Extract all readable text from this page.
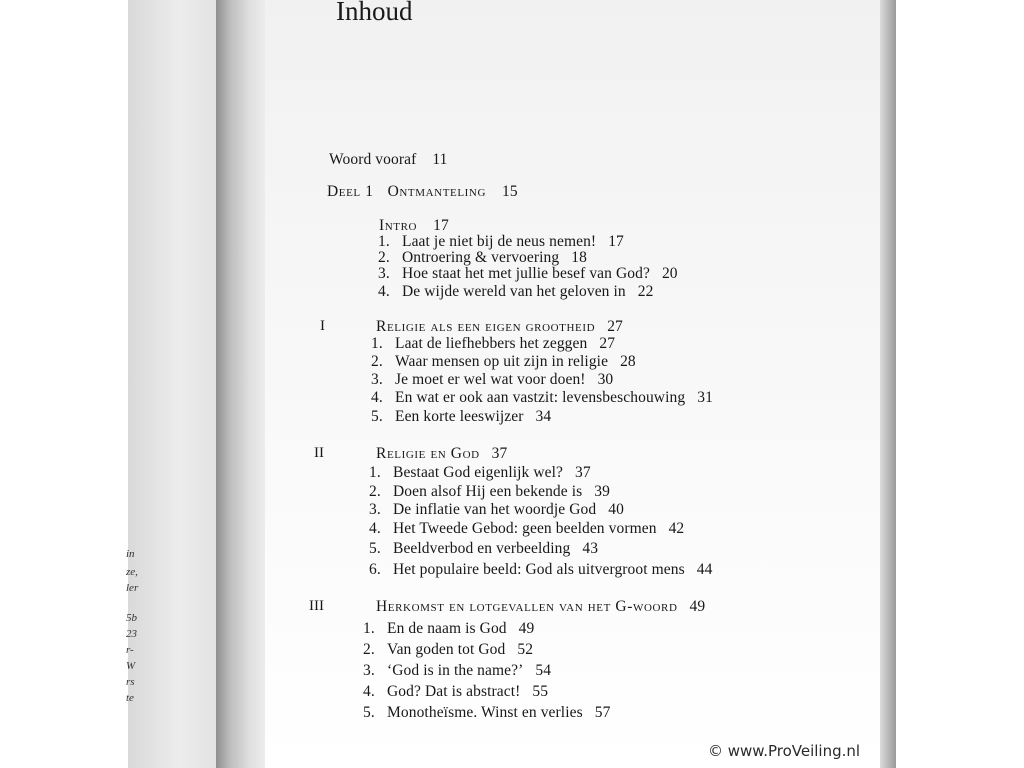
in
ze,
ler
5b
23
r-
W
rs
te
Inhoud
Woord vooraf 11
Deel 1 Ontmanteling 15
Intro 17
1. Laat je niet bij de neus nemen! 17
2. Ontroering & vervoering 18
3. Hoe staat het met jullie besef van God? 20
4. De wijde wereld van het geloven in 22
I	Religie als een eigen grootheid 27
1. Laat de liefhebbers het zeggen 27
2. Waar mensen op uit zijn in religie 28
3. Je moet er wel wat voor doen! 30
4. En wat er ook aan vastzit: levensbeschouwing 31
5. Een korte leeswijzer 34
II	Religie en God 37
1. Bestaat God eigenlijk wel? 37
2. Doen alsof Hij een bekende is 39
3. De inflatie van het woordje God 40
4. Het Tweede Gebod: geen beelden vormen 42
5. Beeldverbod en verbeelding 43
6. Het populaire beeld: God als uitvergroot mens 44
III	Herkomst en lotgevallen van het G-woord 49
1. En de naam is God 49
2. Van goden tot God 52
3. ‘God is in the name?’ 54
4. God? Dat is abstract! 55
5. Monotheïsme. Winst en verlies 57
© www.ProVeiling.nl
